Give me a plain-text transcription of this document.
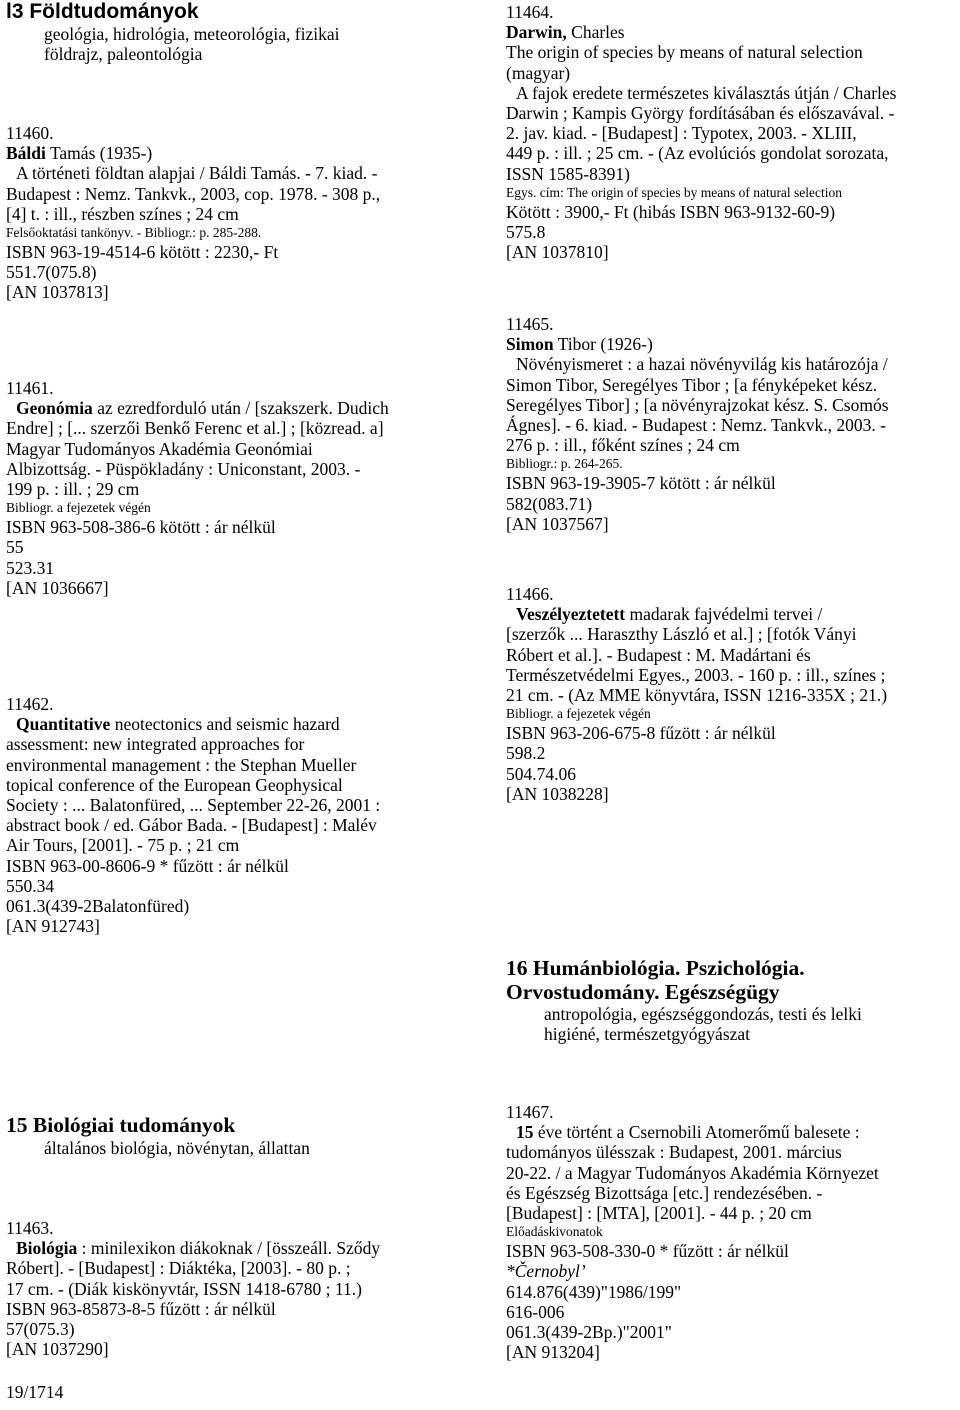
l3 Földtudományok
geológia, hidrológia, meteorológia, fizikai
földrajz, paleontológia
11460.
Báldi Tamás (1935-)
A történeti földtan alapjai / Báldi Tamás. - 7. kiad. -
Budapest : Nemz. Tankvk., 2003, cop. 1978. - 308 p.,
[4] t. : ill., részben színes ; 24 cm
Felsőoktatási tankönyv. - Bibliogr.: p. 285-288.
ISBN 963-19-4514-6 kötött : 2230,- Ft
551.7(075.8)
[AN 1037813]
11461.
Geonómia az ezredforduló után / [szakszerk. Dudich
Endre] ; [... szerzői Benkő Ferenc et al.] ; [közread. a]
Magyar Tudományos Akadémia Geonómiai
Albizottság. - Püspökladány : Uniconstant, 2003. -
199 p. : ill. ; 29 cm
Bibliogr. a fejezetek végén
ISBN 963-508-386-6 kötött : ár nélkül
55
523.31
[AN 1036667]
11462.
Quantitative neotectonics and seismic hazard
assessment: new integrated approaches for
environmental management : the Stephan Mueller
topical conference of the European Geophysical
Society : ... Balatonfüred, ... September 22-26, 2001 :
abstract book / ed. Gábor Bada. - [Budapest] : Malév
Air Tours, [2001]. - 75 p. ; 21 cm
ISBN 963-00-8606-9 * fűzött : ár nélkül
550.34
061.3(439-2Balatonfüred)
[AN 912743]
15 Biológiai tudományok
általános biológia, növénytan, állattan
11463.
Biológia : minilexikon diákoknak / [összeáll. Sződy
Róbert]. - [Budapest] : Diáktéka, [2003]. - 80 p. ;
17 cm. - (Diák kiskönyvtár, ISSN 1418-6780 ; 11.)
ISBN 963-85873-8-5 fűzött : ár nélkül
57(075.3)
[AN 1037290]
19/1714
11464.
Darwin, Charles
The origin of species by means of natural selection
(magyar)
A fajok eredete természetes kiválasztás útján / Charles
Darwin ; Kampis György fordításában és előszavával. -
2. jav. kiad. - [Budapest] : Typotex, 2003. - XLIII,
449 p. : ill. ; 25 cm. - (Az evolúciós gondolat sorozata,
ISSN 1585-8391)
Egys. cím: The origin of species by means of natural selection
Kötött : 3900,- Ft (hibás ISBN 963-9132-60-9)
575.8
[AN 1037810]
11465.
Simon Tibor (1926-)
Növényismeret : a hazai növényvilág kis határozója /
Simon Tibor, Seregélyes Tibor ; [a fényképeket kész.
Seregélyes Tibor] ; [a növényrajzokat kész. S. Csomós
Ágnes]. - 6. kiad. - Budapest : Nemz. Tankvk., 2003. -
276 p. : ill., főként színes ; 24 cm
Bibliogr.: p. 264-265.
ISBN 963-19-3905-7 kötött : ár nélkül
582(083.71)
[AN 1037567]
11466.
Veszélyeztetett madarak fajvédelmi tervei /
[szerzők ... Haraszthy László et al.] ; [fotók Ványi
Róbert et al.]. - Budapest : M. Madártani és
Természetvédelmi Egyes., 2003. - 160 p. : ill., színes ;
21 cm. - (Az MME könyvtára, ISSN 1216-335X ; 21.)
Bibliogr. a fejezetek végén
ISBN 963-206-675-8 fűzött : ár nélkül
598.2
504.74.06
[AN 1038228]
16 Humánbiológia. Pszichológia.
Orvostudomány. Egészségügy
antropológia, egészséggondozás, testi és lelki
higiéné, természetgyógyászat
11467.
15 éve történt a Csernobili Atomerőmű balesete :
tudományos ülésszak : Budapest, 2001. március
20-22. / a Magyar Tudományos Akadémia Környezet
és Egészség Bizottsága [etc.] rendezésében. -
[Budapest] : [MTA], [2001]. - 44 p. ; 20 cm
Előadáskivonatok
ISBN 963-508-330-0 * fűzött : ár nélkül
*Černobyl’
614.876(439)"1986/199"
616-006
061.3(439-2Bp.)"2001"
[AN 913204]
